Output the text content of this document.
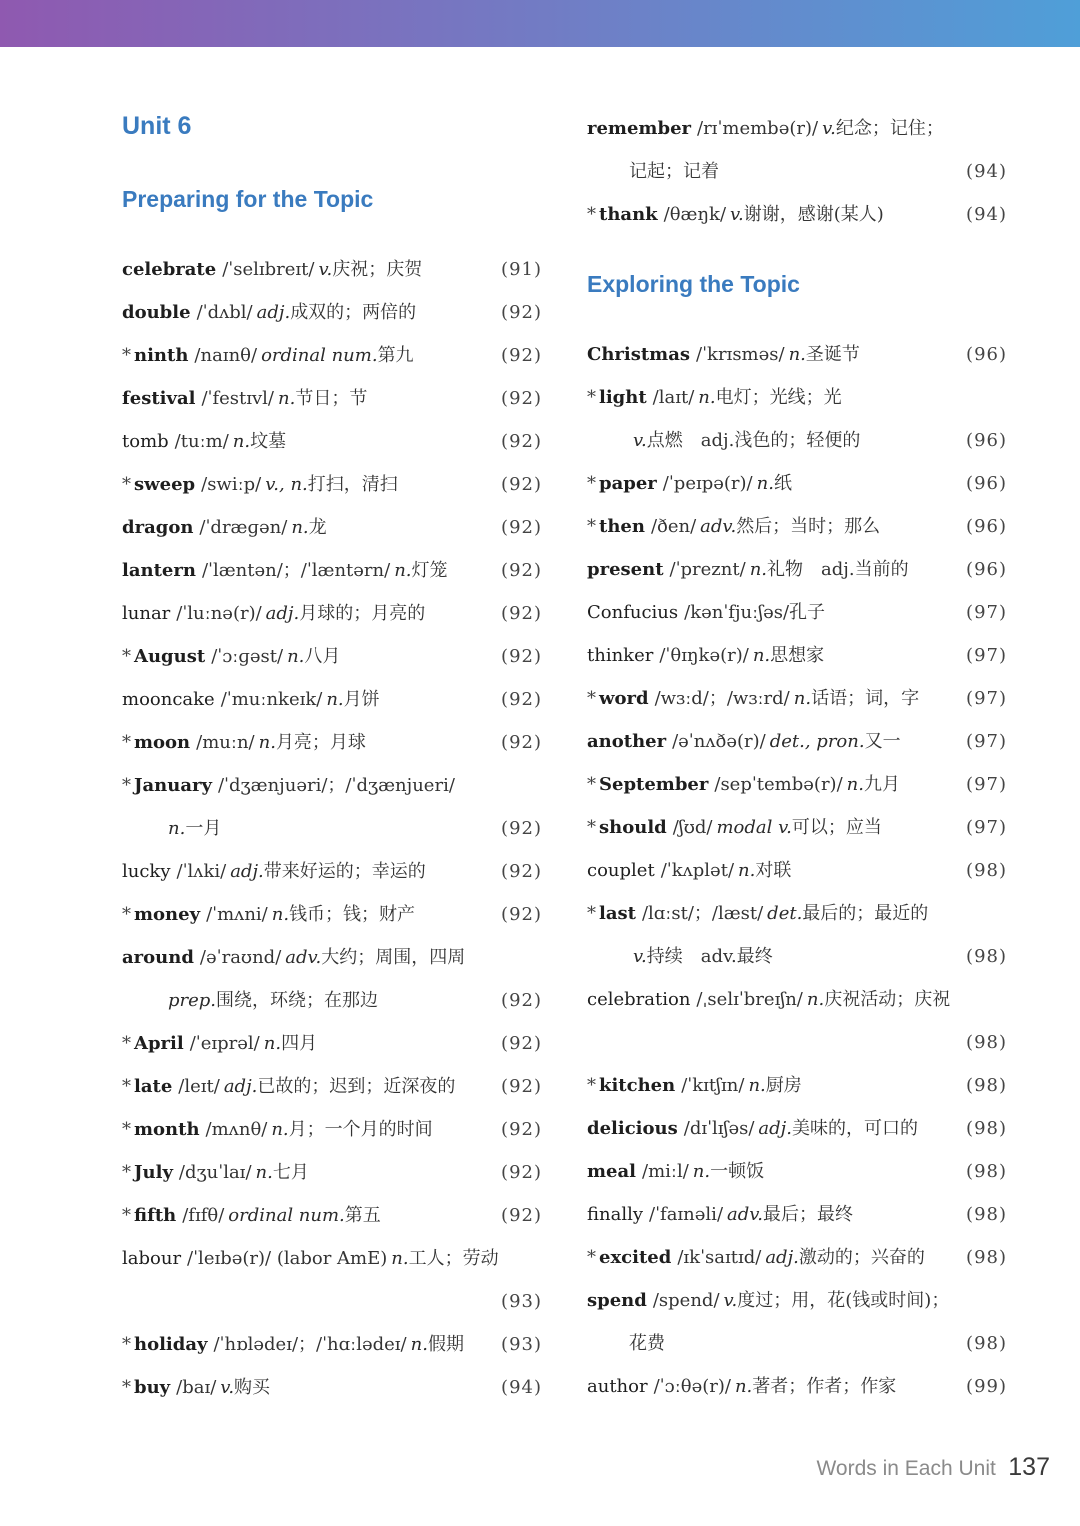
Unit 6
Preparing for the Topic
celebrate /ˈselɪbreɪt/ v.庆祝；庆贺	(91)
double /ˈdʌbl/ adj.成双的；两倍的	(92)
* ninth /naɪnθ/ ordinal num.第九	(92)
festival /ˈfestɪvl/ n.节日；节	(92)
tomb /tuːm/ n.坟墓	(92)
* sweep /swiːp/ v., n.打扫，清扫	(92)
dragon /ˈdræɡən/ n.龙	(92)
lantern /ˈlæntən/；/ˈlæntərn/ n.灯笼	(92)
lunar /ˈluːnə(r)/ adj.月球的；月亮的	(92)
* August /ˈɔːɡəst/ n.八月	(92)
mooncake /ˈmuːnkeɪk/ n.月饼	(92)
* moon /muːn/ n.月亮；月球	(92)
* January /ˈdʒænjuəri/；/ˈdʒænjueri/
n.一月	(92)
lucky /ˈlʌki/ adj.带来好运的；幸运的	(92)
* money /ˈmʌni/ n.钱币；钱；财产	(92)
around /əˈraʊnd/ adv.大约；周围，四周
prep.围绕，环绕；在那边	(92)
* April /ˈeɪprəl/ n.四月	(92)
* late /leɪt/ adj.已故的；迟到；近深夜的	(92)
* month /mʌnθ/ n.月；一个月的时间	(92)
* July /dʒuˈlaɪ/ n.七月	(92)
* fifth /fɪfθ/ ordinal num.第五	(92)
labour /ˈleɪbə(r)/ (labor AmE) n.工人；劳动
(93)
* holiday /ˈhɒlədeɪ/；/ˈhɑːlədeɪ/ n.假期 (93)
* buy /baɪ/ v.购买	(94)
remember /rɪˈmembə(r)/ v.纪念；记住；
记起；记着	(94)
* thank /θæŋk/ v.谢谢，感谢(某人)	(94)
Exploring the Topic
Christmas /ˈkrɪsməs/ n.圣诞节	(96)
* light /laɪt/ n.电灯；光线；光
v.点燃　adj.浅色的；轻便的	(96)
* paper /ˈpeɪpə(r)/ n.纸	(96)
* then /ðen/ adv.然后；当时；那么	(96)
present /ˈpreznt/ n.礼物　adj.当前的	(96)
Confucius /kənˈfjuːʃəs/孔子	(97)
thinker /ˈθɪŋkə(r)/ n.思想家	(97)
* word /wɜːd/；/wɜːrd/ n.话语；词，字	(97)
another /əˈnʌðə(r)/ det., pron.又一	(97)
* September /sepˈtembə(r)/ n.九月	(97)
* should /ʃʊd/ modal v.可以；应当	(97)
couplet /ˈkʌplət/ n.对联	(98)
* last /lɑːst/；/læst/ det.最后的；最近的
v.持续　adv.最终	(98)
celebration /ˌselɪˈbreɪʃn/ n.庆祝活动；庆祝
(98)
* kitchen /ˈkɪtʃɪn/ n.厨房	(98)
delicious /dɪˈlɪʃəs/ adj.美味的，可口的	(98)
meal /miːl/ n.一顿饭	(98)
finally /ˈfaɪnəli/ adv.最后；最终	(98)
* excited /ɪkˈsaɪtɪd/ adj.激动的；兴奋的 (98)
spend /spend/ v.度过；用，花(钱或时间)；
花费	(98)
author /ˈɔːθə(r)/ n.著者；作者；作家	(99)
Words in Each Unit 137
